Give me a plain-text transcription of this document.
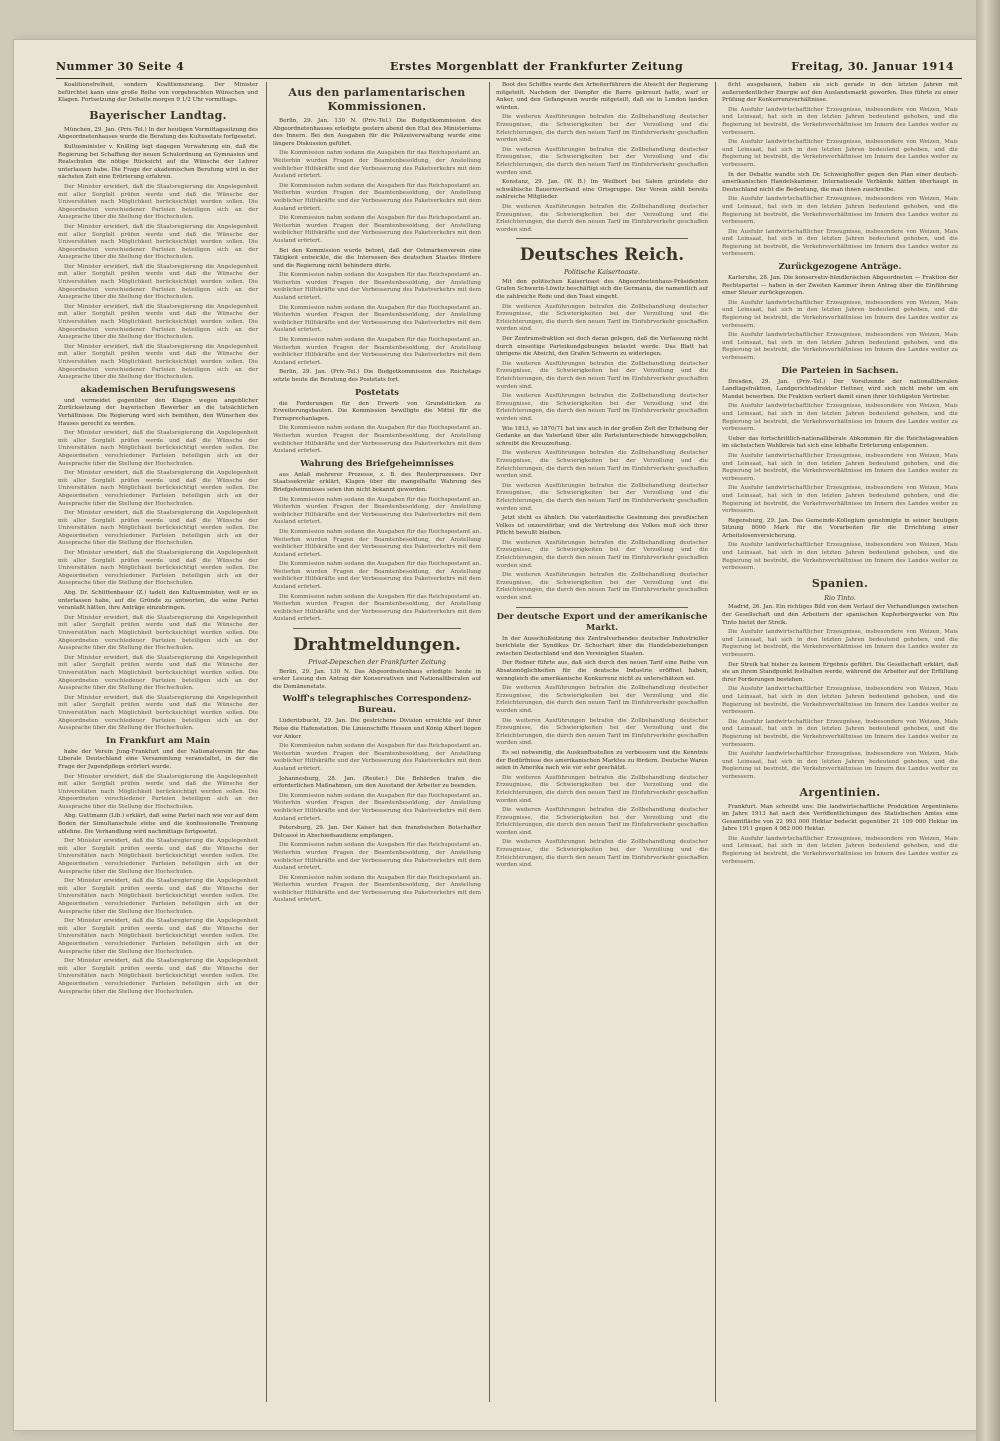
Nummer 30 Seite 4	Erstes Morgenblatt der Frankfurter Zeitung	Freitag, 30. Januar 1914

Koalitionsfreiheit, sondern Koalitionszwang. Der Minister befürchtet kann eine große Reihe von vorgebrachten Wünschen und Klagen. Fortsetzung der Debatte morgen 9 1/2 Uhr vormittags.

Bayerischer Landtag.

München, 29. Jan. (Priv.-Tel.) In der heutigen Vormittagssitzung des Abgeordnetenhauses wurde die Beratung des Kultusetats fortgesetzt.

Kultusminister v. Knilling legt dagegen Verwahrung ein, daß die Regierung bei Schaffung der neuen Schulordnung an Gymnasien und Realschulen die nötige Rücksicht auf die Wünsche der Lehrer unterlassen habe. Die Frage der akademischen Berufung wird in der nächsten Zeit eine Erörterung erfahren.

Der Minister erwidert, daß die Staatsregierung die Angelegenheit mit aller Sorgfalt prüfen werde und daß die Wünsche der Universitäten nach Möglichkeit berücksichtigt werden sollen. Die Abgeordneten verschiedener Parteien beteiligen sich an der Aussprache über die Stellung der Hochschulen.

Der Minister erwidert, daß die Staatsregierung die Angelegenheit mit aller Sorgfalt prüfen werde und daß die Wünsche der Universitäten nach Möglichkeit berücksichtigt werden sollen. Die Abgeordneten verschiedener Parteien beteiligen sich an der Aussprache über die Stellung der Hochschulen.

Der Minister erwidert, daß die Staatsregierung die Angelegenheit mit aller Sorgfalt prüfen werde und daß die Wünsche der Universitäten nach Möglichkeit berücksichtigt werden sollen. Die Abgeordneten verschiedener Parteien beteiligen sich an der Aussprache über die Stellung der Hochschulen.

Der Minister erwidert, daß die Staatsregierung die Angelegenheit mit aller Sorgfalt prüfen werde und daß die Wünsche der Universitäten nach Möglichkeit berücksichtigt werden sollen. Die Abgeordneten verschiedener Parteien beteiligen sich an der Aussprache über die Stellung der Hochschulen.

Der Minister erwidert, daß die Staatsregierung die Angelegenheit mit aller Sorgfalt prüfen werde und daß die Wünsche der Universitäten nach Möglichkeit berücksichtigt werden sollen. Die Abgeordneten verschiedener Parteien beteiligen sich an der Aussprache über die Stellung der Hochschulen.

akademischen Berufungswesens

und vermeidet gegenüber den Klagen wegen angeblicher Zurücksetzung der bayerischen Bewerber an die tatsächlichen Verhältnisse. Die Regierung wird sich bemühen, den Wünschen des Hauses gerecht zu werden.

Der Minister erwidert, daß die Staatsregierung die Angelegenheit mit aller Sorgfalt prüfen werde und daß die Wünsche der Universitäten nach Möglichkeit berücksichtigt werden sollen. Die Abgeordneten verschiedener Parteien beteiligen sich an der Aussprache über die Stellung der Hochschulen.

Der Minister erwidert, daß die Staatsregierung die Angelegenheit mit aller Sorgfalt prüfen werde und daß die Wünsche der Universitäten nach Möglichkeit berücksichtigt werden sollen. Die Abgeordneten verschiedener Parteien beteiligen sich an der Aussprache über die Stellung der Hochschulen.

Der Minister erwidert, daß die Staatsregierung die Angelegenheit mit aller Sorgfalt prüfen werde und daß die Wünsche der Universitäten nach Möglichkeit berücksichtigt werden sollen. Die Abgeordneten verschiedener Parteien beteiligen sich an der Aussprache über die Stellung der Hochschulen.

Der Minister erwidert, daß die Staatsregierung die Angelegenheit mit aller Sorgfalt prüfen werde und daß die Wünsche der Universitäten nach Möglichkeit berücksichtigt werden sollen. Die Abgeordneten verschiedener Parteien beteiligen sich an der Aussprache über die Stellung der Hochschulen.

Abg. Dr. Schlittenbauer (Z.) tadelt den Kultusminister, weil er es unterlassen habe, auf die Gründe zu antworten, die seine Partei veranlaßt hätten, ihre Anträge einzubringen.

Der Minister erwidert, daß die Staatsregierung die Angelegenheit mit aller Sorgfalt prüfen werde und daß die Wünsche der Universitäten nach Möglichkeit berücksichtigt werden sollen. Die Abgeordneten verschiedener Parteien beteiligen sich an der Aussprache über die Stellung der Hochschulen.

Der Minister erwidert, daß die Staatsregierung die Angelegenheit mit aller Sorgfalt prüfen werde und daß die Wünsche der Universitäten nach Möglichkeit berücksichtigt werden sollen. Die Abgeordneten verschiedener Parteien beteiligen sich an der Aussprache über die Stellung der Hochschulen.

Der Minister erwidert, daß die Staatsregierung die Angelegenheit mit aller Sorgfalt prüfen werde und daß die Wünsche der Universitäten nach Möglichkeit berücksichtigt werden sollen. Die Abgeordneten verschiedener Parteien beteiligen sich an der Aussprache über die Stellung der Hochschulen.

In Frankfurt am Main

habe der Verein Jung-Frankfurt und der Nationalverein für das Liberale Deutschland eine Versammlung veranstaltet, in der die Frage der Jugendpflege erörtert wurde.

Der Minister erwidert, daß die Staatsregierung die Angelegenheit mit aller Sorgfalt prüfen werde und daß die Wünsche der Universitäten nach Möglichkeit berücksichtigt werden sollen. Die Abgeordneten verschiedener Parteien beteiligen sich an der Aussprache über die Stellung der Hochschulen.

Abg. Guttmann (Lib.) erklärt, daß seine Partei nach wie vor auf dem Boden der Simultanschule stehe und die konfessionelle Trennung ablehne. Die Verhandlung wird nachmittags fortgesetzt.

Der Minister erwidert, daß die Staatsregierung die Angelegenheit mit aller Sorgfalt prüfen werde und daß die Wünsche der Universitäten nach Möglichkeit berücksichtigt werden sollen. Die Abgeordneten verschiedener Parteien beteiligen sich an der Aussprache über die Stellung der Hochschulen.

Der Minister erwidert, daß die Staatsregierung die Angelegenheit mit aller Sorgfalt prüfen werde und daß die Wünsche der Universitäten nach Möglichkeit berücksichtigt werden sollen. Die Abgeordneten verschiedener Parteien beteiligen sich an der Aussprache über die Stellung der Hochschulen.

Der Minister erwidert, daß die Staatsregierung die Angelegenheit mit aller Sorgfalt prüfen werde und daß die Wünsche der Universitäten nach Möglichkeit berücksichtigt werden sollen. Die Abgeordneten verschiedener Parteien beteiligen sich an der Aussprache über die Stellung der Hochschulen.

Der Minister erwidert, daß die Staatsregierung die Angelegenheit mit aller Sorgfalt prüfen werde und daß die Wünsche der Universitäten nach Möglichkeit berücksichtigt werden sollen. Die Abgeordneten verschiedener Parteien beteiligen sich an der Aussprache über die Stellung der Hochschulen.

Aus den parlamentarischen Kommissionen.

Berlin, 29. Jan. 130 N. (Priv.-Tel.) Die Budgetkommission des Abgeordnetenhauses erledigte gestern abend den Etat des Ministeriums des Innern. Bei den Ausgaben für die Polizeiverwaltung wurde eine längere Diskussion geführt.

Die Kommission nahm sodann die Ausgaben für das Reichspostamt an. Weiterhin wurden Fragen der Beamtenbesoldung, der Anstellung weiblicher Hilfskräfte und der Verbesserung des Paketverkehrs mit dem Ausland erörtert.

Die Kommission nahm sodann die Ausgaben für das Reichspostamt an. Weiterhin wurden Fragen der Beamtenbesoldung, der Anstellung weiblicher Hilfskräfte und der Verbesserung des Paketverkehrs mit dem Ausland erörtert.

Die Kommission nahm sodann die Ausgaben für das Reichspostamt an. Weiterhin wurden Fragen der Beamtenbesoldung, der Anstellung weiblicher Hilfskräfte und der Verbesserung des Paketverkehrs mit dem Ausland erörtert.

Bei den Kommission wurde betont, daß der Ostmarkenverein eine Tätigkeit entwickle, die die Interessen des deutschen Staates fördere und die Regierung nicht behindern dürfe.

Die Kommission nahm sodann die Ausgaben für das Reichspostamt an. Weiterhin wurden Fragen der Beamtenbesoldung, der Anstellung weiblicher Hilfskräfte und der Verbesserung des Paketverkehrs mit dem Ausland erörtert.

Die Kommission nahm sodann die Ausgaben für das Reichspostamt an. Weiterhin wurden Fragen der Beamtenbesoldung, der Anstellung weiblicher Hilfskräfte und der Verbesserung des Paketverkehrs mit dem Ausland erörtert.

Die Kommission nahm sodann die Ausgaben für das Reichspostamt an. Weiterhin wurden Fragen der Beamtenbesoldung, der Anstellung weiblicher Hilfskräfte und der Verbesserung des Paketverkehrs mit dem Ausland erörtert.

Berlin, 29. Jan. (Priv.-Tel.) Die Budgetkommission des Reichstags setzte heute die Beratung des Postetats fort.

Postetats

die Forderungen für den Erwerb von Grundstücken zu Erweiterungsbauten. Die Kommission bewilligte die Mittel für die Fernsprechanlagen.

Die Kommission nahm sodann die Ausgaben für das Reichspostamt an. Weiterhin wurden Fragen der Beamtenbesoldung, der Anstellung weiblicher Hilfskräfte und der Verbesserung des Paketverkehrs mit dem Ausland erörtert.

Wahrung des Briefgeheimnisses

aus Anlaß mehrerer Prozesse, z. B. des Reuterprozesses. Der Staatssekretär erklärt, Klagen über die mangelhafte Wahrung des Briefgeheimnisses seien ihm nicht bekannt geworden.

Die Kommission nahm sodann die Ausgaben für das Reichspostamt an. Weiterhin wurden Fragen der Beamtenbesoldung, der Anstellung weiblicher Hilfskräfte und der Verbesserung des Paketverkehrs mit dem Ausland erörtert.

Die Kommission nahm sodann die Ausgaben für das Reichspostamt an. Weiterhin wurden Fragen der Beamtenbesoldung, der Anstellung weiblicher Hilfskräfte und der Verbesserung des Paketverkehrs mit dem Ausland erörtert.

Die Kommission nahm sodann die Ausgaben für das Reichspostamt an. Weiterhin wurden Fragen der Beamtenbesoldung, der Anstellung weiblicher Hilfskräfte und der Verbesserung des Paketverkehrs mit dem Ausland erörtert.

Die Kommission nahm sodann die Ausgaben für das Reichspostamt an. Weiterhin wurden Fragen der Beamtenbesoldung, der Anstellung weiblicher Hilfskräfte und der Verbesserung des Paketverkehrs mit dem Ausland erörtert.

Drahtmeldungen.
Privat-Depeschen der Frankfurter Zeitung

Berlin, 29. Jan. 130 N. Das Abgeordnetenhaus erledigte heute in erster Lesung den Antrag der Konservativen und Nationalliberalen auf die Domänenetats.

Wolff's telegraphisches Correspondenz-Bureau.

Lüderitzbucht, 29. Jan. Die gestrichene Division erreichte auf ihrer Reise die Hafenstation. Die Linienschiffe Hessen und König Albert liegen vor Anker.

Die Kommission nahm sodann die Ausgaben für das Reichspostamt an. Weiterhin wurden Fragen der Beamtenbesoldung, der Anstellung weiblicher Hilfskräfte und der Verbesserung des Paketverkehrs mit dem Ausland erörtert.

Johannesburg, 28. Jan. (Reuter.) Die Behörden trafen die erforderlichen Maßnahmen, um den Ausstand der Arbeiter zu beenden.

Die Kommission nahm sodann die Ausgaben für das Reichspostamt an. Weiterhin wurden Fragen der Beamtenbesoldung, der Anstellung weiblicher Hilfskräfte und der Verbesserung des Paketverkehrs mit dem Ausland erörtert.

Petersburg, 29. Jan. Der Kaiser hat den französischen Botschafter Delcassé in Abschiedsaudienz empfangen.

Die Kommission nahm sodann die Ausgaben für das Reichspostamt an. Weiterhin wurden Fragen der Beamtenbesoldung, der Anstellung weiblicher Hilfskräfte und der Verbesserung des Paketverkehrs mit dem Ausland erörtert.

Die Kommission nahm sodann die Ausgaben für das Reichspostamt an. Weiterhin wurden Fragen der Beamtenbesoldung, der Anstellung weiblicher Hilfskräfte und der Verbesserung des Paketverkehrs mit dem Ausland erörtert.

Boot des Schiffes wurde den Arbeiterführern die Absicht der Regierung mitgeteilt. Nachdem der Dampfer die Barre gekreuzt hatte, warf er Anker, und den Gefangenen wurde mitgeteilt, daß sie in London landen würden.

Die weiteren Ausführungen betrafen die Zollbehandlung deutscher Erzeugnisse, die Schwierigkeiten bei der Verzollung und die Erleichterungen, die durch den neuen Tarif im Einfuhrverkehr geschaffen worden sind.

Die weiteren Ausführungen betrafen die Zollbehandlung deutscher Erzeugnisse, die Schwierigkeiten bei der Verzollung und die Erleichterungen, die durch den neuen Tarif im Einfuhrverkehr geschaffen worden sind.

Konstanz, 29. Jan. (W. B.) Im Weilbort bei Salem gründete der schwäbische Bauernverband eine Ortsgruppe. Der Verein zählt bereits zahlreiche Mitglieder.

Die weiteren Ausführungen betrafen die Zollbehandlung deutscher Erzeugnisse, die Schwierigkeiten bei der Verzollung und die Erleichterungen, die durch den neuen Tarif im Einfuhrverkehr geschaffen worden sind.

Deutsches Reich.
Politische Kaisertoaste.

Mit den politischen Kaisertoast des Abgeordnetenhaus-Präsidenten Grafen Schwerin-Löwitz beschäftigt sich die Germania, die namentlich auf die zahlreiche Rede und den Toast eingeht.

Die weiteren Ausführungen betrafen die Zollbehandlung deutscher Erzeugnisse, die Schwierigkeiten bei der Verzollung und die Erleichterungen, die durch den neuen Tarif im Einfuhrverkehr geschaffen worden sind.

Der Zentrumsfraktion sei doch daran gelegen, daß die Verfassung nicht durch einseitige Parteikundgebungen belastet werde. Das Blatt hat übrigens die Absicht, den Grafen Schwerin zu widerlegen.

Die weiteren Ausführungen betrafen die Zollbehandlung deutscher Erzeugnisse, die Schwierigkeiten bei der Verzollung und die Erleichterungen, die durch den neuen Tarif im Einfuhrverkehr geschaffen worden sind.

Die weiteren Ausführungen betrafen die Zollbehandlung deutscher Erzeugnisse, die Schwierigkeiten bei der Verzollung und die Erleichterungen, die durch den neuen Tarif im Einfuhrverkehr geschaffen worden sind.

Wie 1813, so 1870/71 hat uns auch in der großen Zeit der Erhebung der Gedanke an das Vaterland über alle Parteiunterschiede hinweggeholfen, schreibt die Kreuzzeitung.

Die weiteren Ausführungen betrafen die Zollbehandlung deutscher Erzeugnisse, die Schwierigkeiten bei der Verzollung und die Erleichterungen, die durch den neuen Tarif im Einfuhrverkehr geschaffen worden sind.

Die weiteren Ausführungen betrafen die Zollbehandlung deutscher Erzeugnisse, die Schwierigkeiten bei der Verzollung und die Erleichterungen, die durch den neuen Tarif im Einfuhrverkehr geschaffen worden sind.

Jetzt steht es ähnlich. Die vaterländische Gesinnung des preußischen Volkes ist unzerstörbar, und die Vertretung des Volkes muß sich ihrer Pflicht bewußt bleiben.

Die weiteren Ausführungen betrafen die Zollbehandlung deutscher Erzeugnisse, die Schwierigkeiten bei der Verzollung und die Erleichterungen, die durch den neuen Tarif im Einfuhrverkehr geschaffen worden sind.

Die weiteren Ausführungen betrafen die Zollbehandlung deutscher Erzeugnisse, die Schwierigkeiten bei der Verzollung und die Erleichterungen, die durch den neuen Tarif im Einfuhrverkehr geschaffen worden sind.

Der deutsche Export und der amerikanische Markt.

In der Ausschußsitzung des Zentralverbandes deutscher Industrieller berichtete der Syndikus Dr. Schuchart über die Handelsbeziehungen zwischen Deutschland und den Vereinigten Staaten.

Der Redner führte aus, daß sich durch den neuen Tarif eine Reihe von Absatzmöglichkeiten für die deutsche Industrie eröffnet haben, wenngleich die amerikanische Konkurrenz nicht zu unterschätzen sei.

Die weiteren Ausführungen betrafen die Zollbehandlung deutscher Erzeugnisse, die Schwierigkeiten bei der Verzollung und die Erleichterungen, die durch den neuen Tarif im Einfuhrverkehr geschaffen worden sind.

Die weiteren Ausführungen betrafen die Zollbehandlung deutscher Erzeugnisse, die Schwierigkeiten bei der Verzollung und die Erleichterungen, die durch den neuen Tarif im Einfuhrverkehr geschaffen worden sind.

Es sei notwendig, die Auskunftsstellen zu verbessern und die Kenntnis der Bedürfnisse des amerikanischen Marktes zu fördern. Deutsche Waren seien in Amerika nach wie vor sehr geschätzt.

Die weiteren Ausführungen betrafen die Zollbehandlung deutscher Erzeugnisse, die Schwierigkeiten bei der Verzollung und die Erleichterungen, die durch den neuen Tarif im Einfuhrverkehr geschaffen worden sind.

Die weiteren Ausführungen betrafen die Zollbehandlung deutscher Erzeugnisse, die Schwierigkeiten bei der Verzollung und die Erleichterungen, die durch den neuen Tarif im Einfuhrverkehr geschaffen worden sind.

Die weiteren Ausführungen betrafen die Zollbehandlung deutscher Erzeugnisse, die Schwierigkeiten bei der Verzollung und die Erleichterungen, die durch den neuen Tarif im Einfuhrverkehr geschaffen worden sind.

ficht ausgebauen, haben sie sich gerade in den letzten Jahren mit außerordentlicher Energie auf den Auslandsmarkt geworfen. Dies führte zu einer Prüfung der Konkurrenzverhältnisse.

Die Ausfuhr landwirtschaftlicher Erzeugnisse, insbesondere von Weizen, Mais und Leinsaat, hat sich in den letzten Jahren bedeutend gehoben, und die Regierung ist bestrebt, die Verkehrsverhältnisse im Innern des Landes weiter zu verbessern.

Die Ausfuhr landwirtschaftlicher Erzeugnisse, insbesondere von Weizen, Mais und Leinsaat, hat sich in den letzten Jahren bedeutend gehoben, und die Regierung ist bestrebt, die Verkehrsverhältnisse im Innern des Landes weiter zu verbessern.

In der Debatte wandte sich Dr. Schweighoffer gegen den Plan einer deutsch-amerikanischen Handelskammer. Internationale Verbände hätten überhaupt in Deutschland nicht die Bedeutung, die man ihnen zuschreibe.

Die Ausfuhr landwirtschaftlicher Erzeugnisse, insbesondere von Weizen, Mais und Leinsaat, hat sich in den letzten Jahren bedeutend gehoben, und die Regierung ist bestrebt, die Verkehrsverhältnisse im Innern des Landes weiter zu verbessern.

Die Ausfuhr landwirtschaftlicher Erzeugnisse, insbesondere von Weizen, Mais und Leinsaat, hat sich in den letzten Jahren bedeutend gehoben, und die Regierung ist bestrebt, die Verkehrsverhältnisse im Innern des Landes weiter zu verbessern.

Zurückgezogene Anträge.

Karlsruhe, 28. Jan. Die konservativ-bündlerischen Abgeordneten — Fraktion der Rechtspartei — haben in der Zweiten Kammer ihren Antrag über die Einführung einer Steuer zurückgezogen.

Die Ausfuhr landwirtschaftlicher Erzeugnisse, insbesondere von Weizen, Mais und Leinsaat, hat sich in den letzten Jahren bedeutend gehoben, und die Regierung ist bestrebt, die Verkehrsverhältnisse im Innern des Landes weiter zu verbessern.

Die Ausfuhr landwirtschaftlicher Erzeugnisse, insbesondere von Weizen, Mais und Leinsaat, hat sich in den letzten Jahren bedeutend gehoben, und die Regierung ist bestrebt, die Verkehrsverhältnisse im Innern des Landes weiter zu verbessern.

Die Parteien in Sachsen.

Dresden, 29. Jan. (Priv.-Tel.) Der Vorsitzende der nationalliberalen Landtagsfraktion, Landgerichtsdirektor Hettner, wird sich nicht mehr um ein Mandat bewerben. Die Fraktion verliert damit einen ihrer tüchtigsten Vertreter.

Die Ausfuhr landwirtschaftlicher Erzeugnisse, insbesondere von Weizen, Mais und Leinsaat, hat sich in den letzten Jahren bedeutend gehoben, und die Regierung ist bestrebt, die Verkehrsverhältnisse im Innern des Landes weiter zu verbessern.

Ueber das fortschrittlich-nationalliberale Abkommen für die Reichstagswahlen im sächsischen Wahlkreis hat sich eine lebhafte Erörterung entsponnen.

Die Ausfuhr landwirtschaftlicher Erzeugnisse, insbesondere von Weizen, Mais und Leinsaat, hat sich in den letzten Jahren bedeutend gehoben, und die Regierung ist bestrebt, die Verkehrsverhältnisse im Innern des Landes weiter zu verbessern.

Die Ausfuhr landwirtschaftlicher Erzeugnisse, insbesondere von Weizen, Mais und Leinsaat, hat sich in den letzten Jahren bedeutend gehoben, und die Regierung ist bestrebt, die Verkehrsverhältnisse im Innern des Landes weiter zu verbessern.

Regensburg, 29. Jan. Das Gemeinde-Kollegium genehmigte in seiner heutigen Sitzung 8000 Mark für die Vorarbeiten für die Errichtung einer Arbeitslosenversicherung.

Die Ausfuhr landwirtschaftlicher Erzeugnisse, insbesondere von Weizen, Mais und Leinsaat, hat sich in den letzten Jahren bedeutend gehoben, und die Regierung ist bestrebt, die Verkehrsverhältnisse im Innern des Landes weiter zu verbessern.

Spanien.
Rio Tinto.

Madrid, 26. Jan. Ein richtiges Bild von dem Verlauf der Verhandlungen zwischen der Gesellschaft und den Arbeitern der spanischen Kupferbergwerke von Rio Tinto bietet der Streik.

Die Ausfuhr landwirtschaftlicher Erzeugnisse, insbesondere von Weizen, Mais und Leinsaat, hat sich in den letzten Jahren bedeutend gehoben, und die Regierung ist bestrebt, die Verkehrsverhältnisse im Innern des Landes weiter zu verbessern.

Der Streik hat bisher zu keinem Ergebnis geführt. Die Gesellschaft erklärt, daß sie an ihrem Standpunkt festhalten werde, während die Arbeiter auf der Erfüllung ihrer Forderungen bestehen.

Die Ausfuhr landwirtschaftlicher Erzeugnisse, insbesondere von Weizen, Mais und Leinsaat, hat sich in den letzten Jahren bedeutend gehoben, und die Regierung ist bestrebt, die Verkehrsverhältnisse im Innern des Landes weiter zu verbessern.

Die Ausfuhr landwirtschaftlicher Erzeugnisse, insbesondere von Weizen, Mais und Leinsaat, hat sich in den letzten Jahren bedeutend gehoben, und die Regierung ist bestrebt, die Verkehrsverhältnisse im Innern des Landes weiter zu verbessern.

Die Ausfuhr landwirtschaftlicher Erzeugnisse, insbesondere von Weizen, Mais und Leinsaat, hat sich in den letzten Jahren bedeutend gehoben, und die Regierung ist bestrebt, die Verkehrsverhältnisse im Innern des Landes weiter zu verbessern.

Argentinien.

Frankfurt. Man schreibt uns: Die landwirtschaftliche Produktion Argentiniens im Jahre 1913 hat nach den Veröffentlichungen des Statistischen Amtes eine Gesamtfläche von 22 993 000 Hektar bedeckt gegenüber 21 109 000 Hektar im Jahre 1911 gegen 4 982 000 Hektar.

Die Ausfuhr landwirtschaftlicher Erzeugnisse, insbesondere von Weizen, Mais und Leinsaat, hat sich in den letzten Jahren bedeutend gehoben, und die Regierung ist bestrebt, die Verkehrsverhältnisse im Innern des Landes weiter zu verbessern.
